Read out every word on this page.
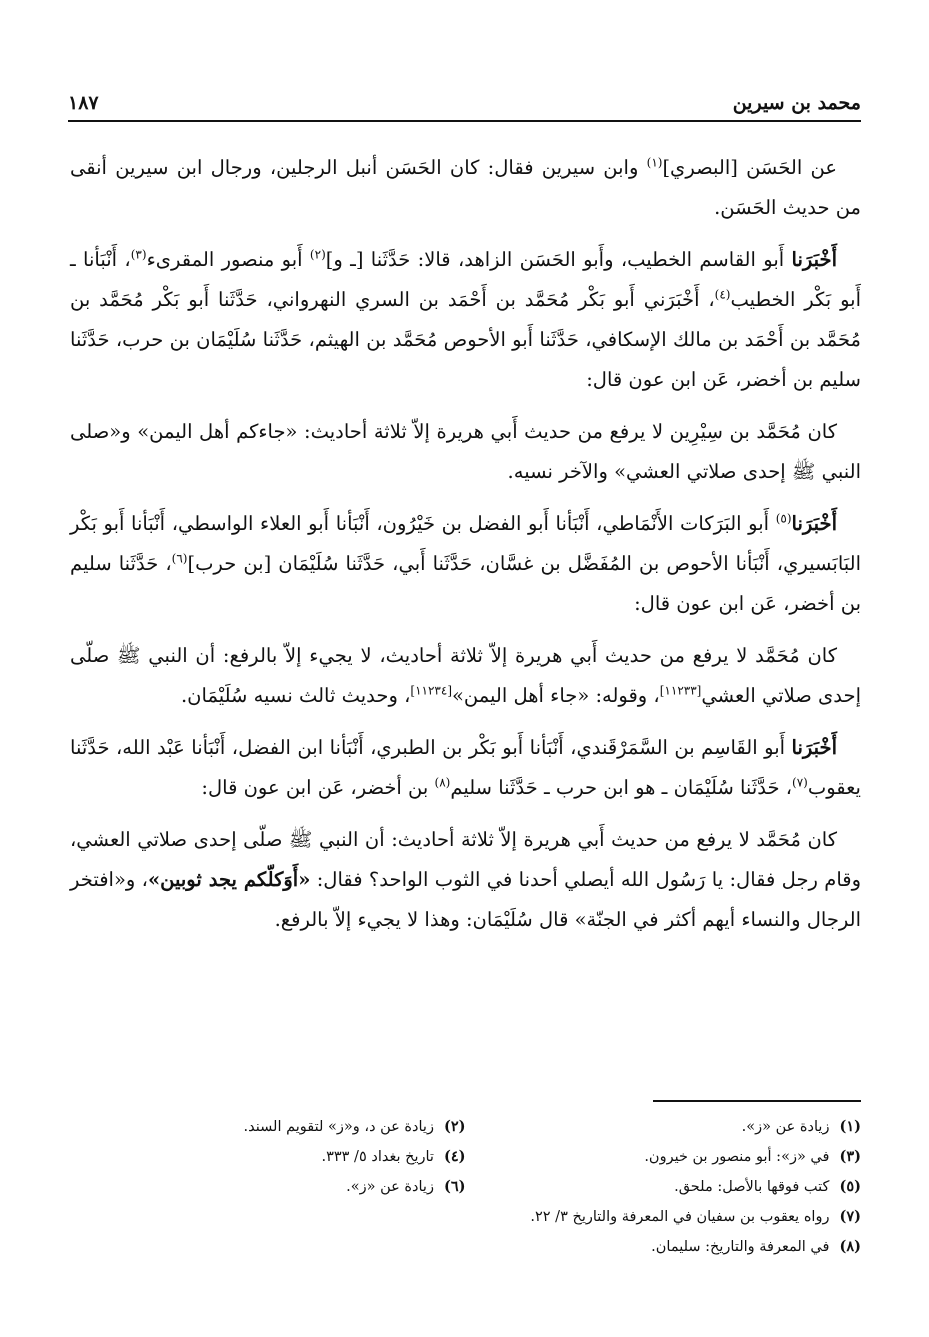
محمد بن سيرين
١٨٧

عن الحَسَن [البصري]$^{(١)}$ وابن سيرين فقال: كان الحَسَن أنبل الرجلين، ورجال ابن سيرين أنقى من حديث الحَسَن.

أَخْبَرَنا أَبو القاسم الخطيب، وأَبو الحَسَن الزاهد، قالا: حَدَّثَنا [ـ و]$^{(٢)}$ أَبو منصور المقرىء$^{(٣)}$، أَنْبَأنا ـ أَبو بَكْر الخطيب$^{(٤)}$، أَخْبَرَني أَبو بَكْر مُحَمَّد بن أَحْمَد بن السري النهرواني، حَدَّثَنا أَبو بَكْر مُحَمَّد بن مُحَمَّد بن أَحْمَد بن مالك الإسكافي، حَدَّثَنا أَبو الأحوص مُحَمَّد بن الهيثم، حَدَّثَنا سُلَيْمَان بن حرب، حَدَّثَنا سليم بن أخضر، عَن ابن عون قال:

كان مُحَمَّد بن سِيْرِين لا يرفع من حديث أَبي هريرة إلاّ ثلاثة أحاديث: «جاءكم أهل اليمن» و«صلى النبي ﷺ إحدى صلاتي العشي» والآخر نسيه.

أَخْبَرَنا$^{(٥)}$ أَبو البَرَكات الأَنْمَاطي، أَنْبَأنا أَبو الفضل بن خَيْرُون، أَنْبَأنا أَبو العلاء الواسطي، أَنْبَأنا أَبو بَكْر البَابَسيري، أَنْبَأنا الأحوص بن المُفَضَّل بن غسَّان، حَدَّثَنا أَبي، حَدَّثَنا سُلَيْمَان [بن حرب]$^{(٦)}$، حَدَّثَنا سليم بن أخضر، عَن ابن عون قال:

كان مُحَمَّد لا يرفع من حديث أَبي هريرة إلاّ ثلاثة أحاديث، لا يجيء إلاّ بالرفع: أن النبي ﷺ صلّى إحدى صلاتي العشي[١١٢٣٣]، وقوله: «جاء أهل اليمن»[١١٢٣٤]، وحديث ثالث نسيه سُلَيْمَان.

أَخْبَرَنا أَبو القَاسِم بن السَّمَرْقَندي، أَنْبَأنا أَبو بَكْر بن الطبري، أَنْبَأنا ابن الفضل، أَنْبَأنا عَبْد الله، حَدَّثَنا يعقوب$^{(٧)}$، حَدَّثَنا سُلَيْمَان ـ هو ابن حرب ـ حَدَّثَنا سليم$^{(٨)}$ بن أخضر، عَن ابن عون قال:

كان مُحَمَّد لا يرفع من حديث أَبي هريرة إلاّ ثلاثة أحاديث: أن النبي ﷺ صلّى إحدى صلاتي العشي، وقام رجل فقال: يا رَسُول الله أيصلي أحدنا في الثوب الواحد؟ فقال: «أَوَكلّكم يجد ثوبين»، و«افتخر الرجال والنساء أيهم أكثر في الجنّة» قال سُلَيْمَان: وهذا لا يجيء إلاّ بالرفع.

(١)زيادة عن «ز».
(٢)زيادة عن د، و«ز» لتقويم السند.
(٣)في «ز»: أبو منصور بن خيرون.
(٤)تاريخ بغداد ٥/ ٣٣٣.
(٥)كتب فوقها بالأصل: ملحق.
(٦)زيادة عن «ز».
(٧)رواه يعقوب بن سفيان في المعرفة والتاريخ ٣/ ٢٢.
(٨)في المعرفة والتاريخ: سليمان.
